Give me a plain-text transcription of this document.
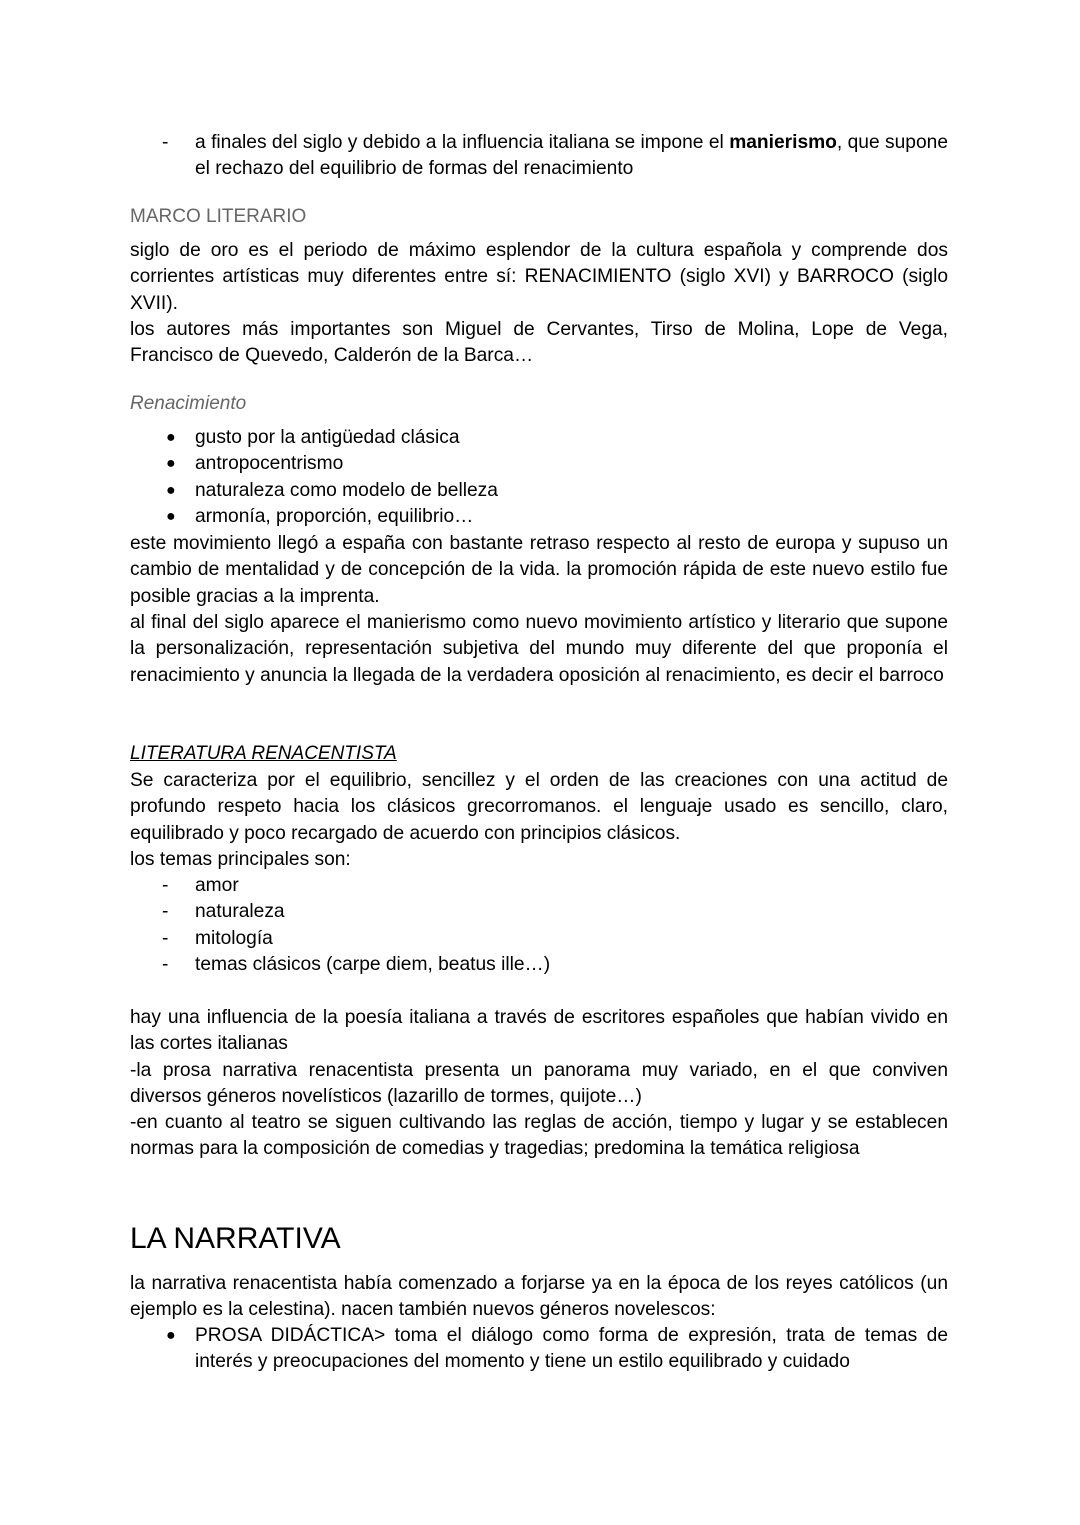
- a finales del siglo y debido a la influencia italiana se impone el manierismo, que supone el rechazo del equilibrio de formas del renacimiento
MARCO LITERARIO
siglo de oro es el periodo de máximo esplendor de la cultura española y comprende dos corrientes artísticas muy diferentes entre sí: RENACIMIENTO (siglo XVI) y BARROCO (siglo XVII).
los autores más importantes son Miguel de Cervantes, Tirso de Molina, Lope de Vega, Francisco de Quevedo, Calderón de la Barca…
Renacimiento
● gusto por la antigüedad clásica
● antropocentrismo
● naturaleza como modelo de belleza
● armonía, proporción, equilibrio…
este movimiento llegó a españa con bastante retraso respecto al resto de europa y supuso un cambio de mentalidad y de concepción de la vida. la promoción rápida de este nuevo estilo fue posible gracias a la imprenta.
al final del siglo aparece el manierismo como nuevo movimiento artístico y literario que supone la personalización, representación subjetiva del mundo muy diferente del que proponía el renacimiento y anuncia la llegada de la verdadera oposición al renacimiento, es decir el barroco
LITERATURA RENACENTISTA
Se caracteriza por el equilibrio, sencillez y el orden de las creaciones con una actitud de profundo respeto hacia los clásicos grecorromanos. el lenguaje usado es sencillo, claro, equilibrado y poco recargado de acuerdo con principios clásicos.
los temas principales son:
- amor
- naturaleza
- mitología
- temas clásicos (carpe diem, beatus ille…)
hay una influencia de la poesía italiana a través de escritores españoles que habían vivido en las cortes italianas
-la prosa narrativa renacentista presenta un panorama muy variado, en el que conviven diversos géneros novelísticos (lazarillo de tormes, quijote…)
-en cuanto al teatro se siguen cultivando las reglas de acción, tiempo y lugar y se establecen normas para la composición de comedias y tragedias; predomina la temática religiosa
LA NARRATIVA
la narrativa renacentista había comenzado a forjarse ya en la época de los reyes católicos (un ejemplo es la celestina). nacen también nuevos géneros novelescos:
● PROSA DIDÁCTICA> toma el diálogo como forma de expresión, trata de temas de interés y preocupaciones del momento y tiene un estilo equilibrado y cuidado
